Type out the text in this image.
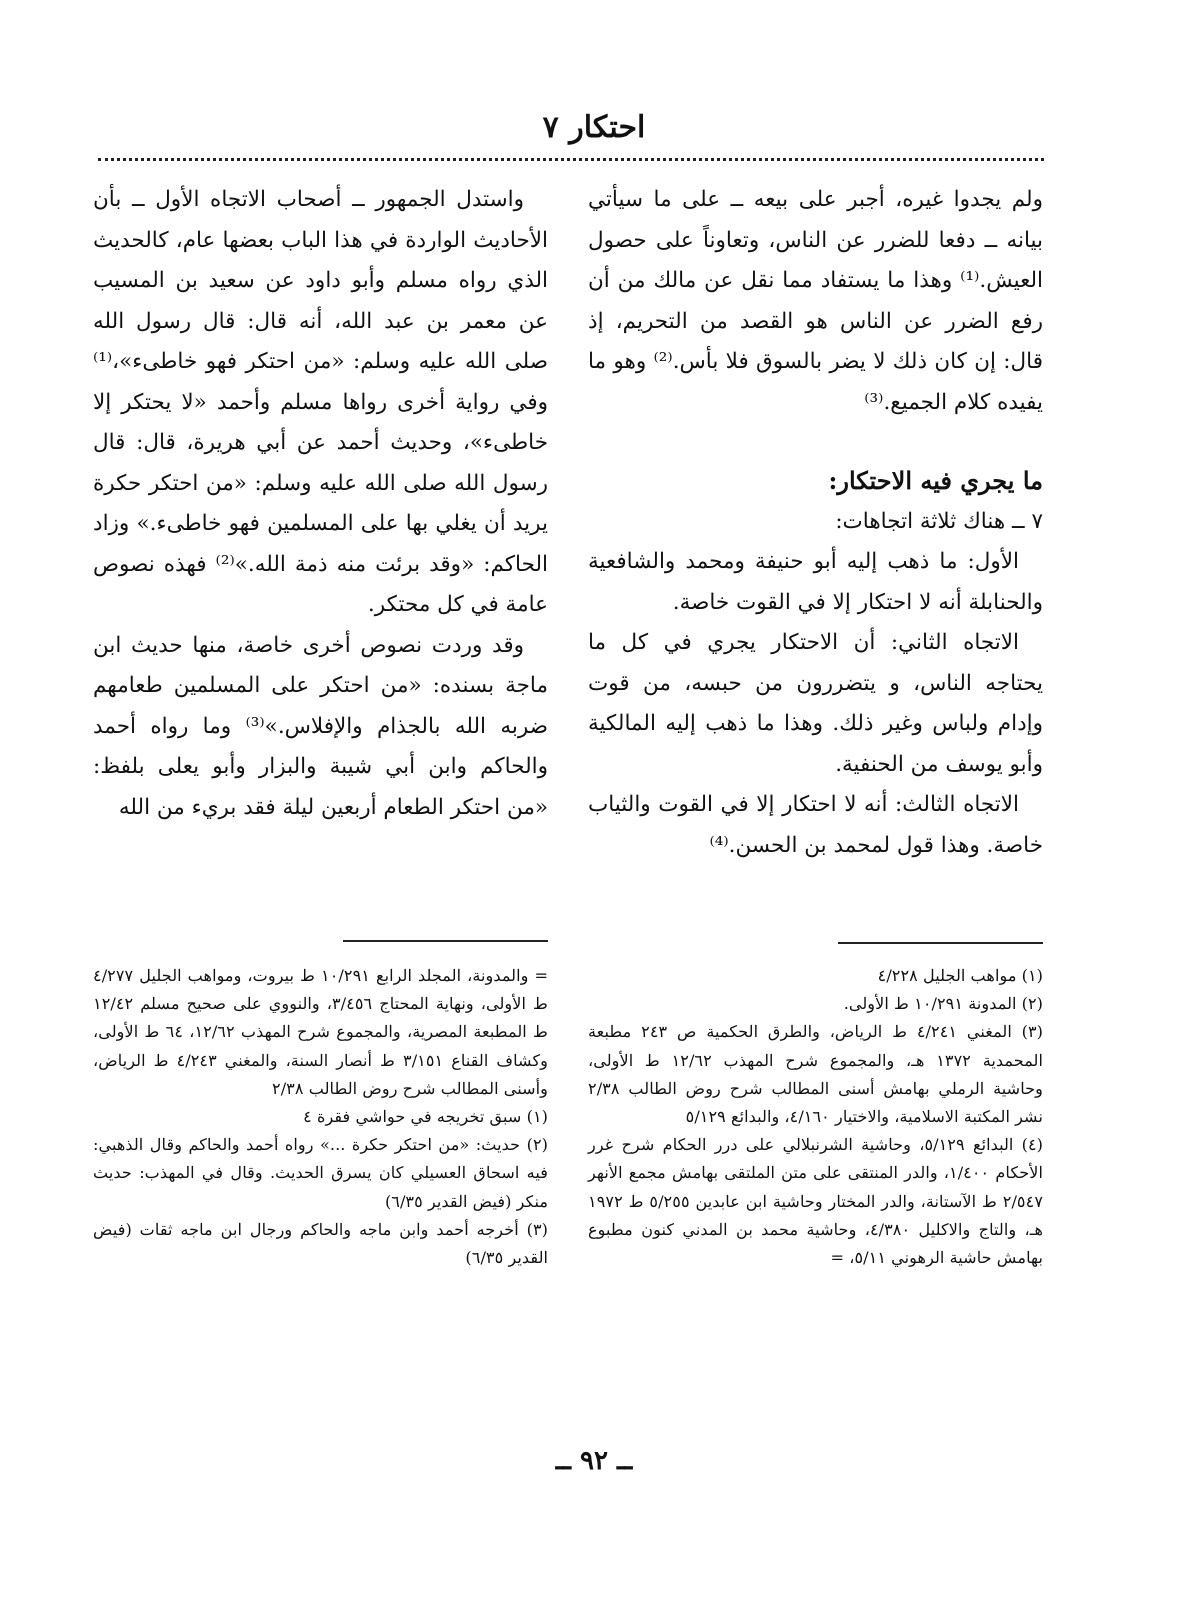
احتكار ٧

ولم يجدوا غيره، أجبر على بيعه ــ على ما سيأتي بيانه ــ دفعا للضرر عن الناس، وتعاوناً على حصول العيش.⁽¹⁾ وهذا ما يستفاد مما نقل عن مالك من أن رفع الضرر عن الناس هو القصد من التحريم، إذ قال: إن كان ذلك لا يضر بالسوق فلا بأس.⁽²⁾ وهو ما يفيده كلام الجميع.⁽³⁾

ما يجري فيه الاحتكار:

٧ ــ هناك ثلاثة اتجاهات:

الأول: ما ذهب إليه أبو حنيفة ومحمد والشافعية والحنابلة أنه لا احتكار إلا في القوت خاصة.

الاتجاه الثاني: أن الاحتكار يجري في كل ما يحتاجه الناس، و يتضررون من حبسه، من قوت وإدام ولباس وغير ذلك. وهذا ما ذهب إليه المالكية وأبو يوسف من الحنفية.

الاتجاه الثالث: أنه لا احتكار إلا في القوت والثياب خاصة. وهذا قول لمحمد بن الحسن.⁽⁴⁾

واستدل الجمهور ــ أصحاب الاتجاه الأول ــ بأن الأحاديث الواردة في هذا الباب بعضها عام، كالحديث الذي رواه مسلم وأبو داود عن سعيد بن المسيب عن معمر بن عبد الله، أنه قال: قال رسول الله صلى الله عليه وسلم: «من احتكر فهو خاطىء»،⁽¹⁾ وفي رواية أخرى رواها مسلم وأحمد «لا يحتكر إلا خاطىء»، وحديث أحمد عن أبي هريرة، قال: قال رسول الله صلى الله عليه وسلم: «من احتكر حكرة يريد أن يغلي بها على المسلمين فهو خاطىء.» وزاد الحاكم: «وقد برئت منه ذمة الله.»⁽²⁾ فهذه نصوص عامة في كل محتكر.

وقد وردت نصوص أخرى خاصة، منها حديث ابن ماجة بسنده: «من احتكر على المسلمين طعامهم ضربه الله بالجذام والإفلاس.»⁽³⁾ وما رواه أحمد والحاكم وابن أبي شيبة والبزار وأبو يعلى بلفظ: «من احتكر الطعام أربعين ليلة فقد بريء من الله

(١) مواهب الجليل ٤/٢٢٨
(٢) المدونة ١٠/٢٩١ ط الأولى.
(٣) المغني ٤/٢٤١ ط الرياض، والطرق الحكمية ص ٢٤٣ مطبعة المحمدية ١٣٧٢ هـ، والمجموع شرح المهذب ١٢/٦٢ ط الأولى، وحاشية الرملي بهامش أسنى المطالب شرح روض الطالب ٢/٣٨ نشر المكتبة الاسلامية، والاختيار ٤/١٦٠، والبدائع ٥/١٢٩
(٤) البدائع ٥/١٢٩، وحاشية الشرنبلالي على درر الحكام شرح غرر الأحكام ١/٤٠٠، والدر المنتقى على متن الملتقى بهامش مجمع الأنهر ٢/٥٤٧ ط الآستانة، والدر المختار وحاشية ابن عابدين ٥/٢٥٥ ط ١٩٧٢ هـ، والتاج والاكليل ٤/٣٨٠، وحاشية محمد بن المدني كنون مطبوع بهامش حاشية الرهوني ٥/١١، =
= والمدونة، المجلد الرابع ١٠/٢٩١ ط بيروت، ومواهب الجليل ٤/٢٧٧ ط الأولى، ونهاية المحتاج ٣/٤٥٦، والنووي على صحيح مسلم ١٢/٤٢ ط المطبعة المصرية، والمجموع شرح المهذب ١٢/٦٢، ٦٤ ط الأولى، وكشاف القناع ٣/١٥١ ط أنصار السنة، والمغني ٤/٢٤٣ ط الرياض، وأسنى المطالب شرح روض الطالب ٢/٣٨
(١) سبق تخريجه في حواشي فقرة ٤
(٢) حديث: «من احتكر حكرة ...» رواه أحمد والحاكم وقال الذهبي: فيه اسحاق العسيلي كان يسرق الحديث. وقال في المهذب: حديث منكر (فيض القدير ٦/٣٥)
(٣) أخرجه أحمد وابن ماجه والحاكم ورجال ابن ماجه ثقات (فيض القدير ٦/٣٥)
ــ ٩٢ ــ
